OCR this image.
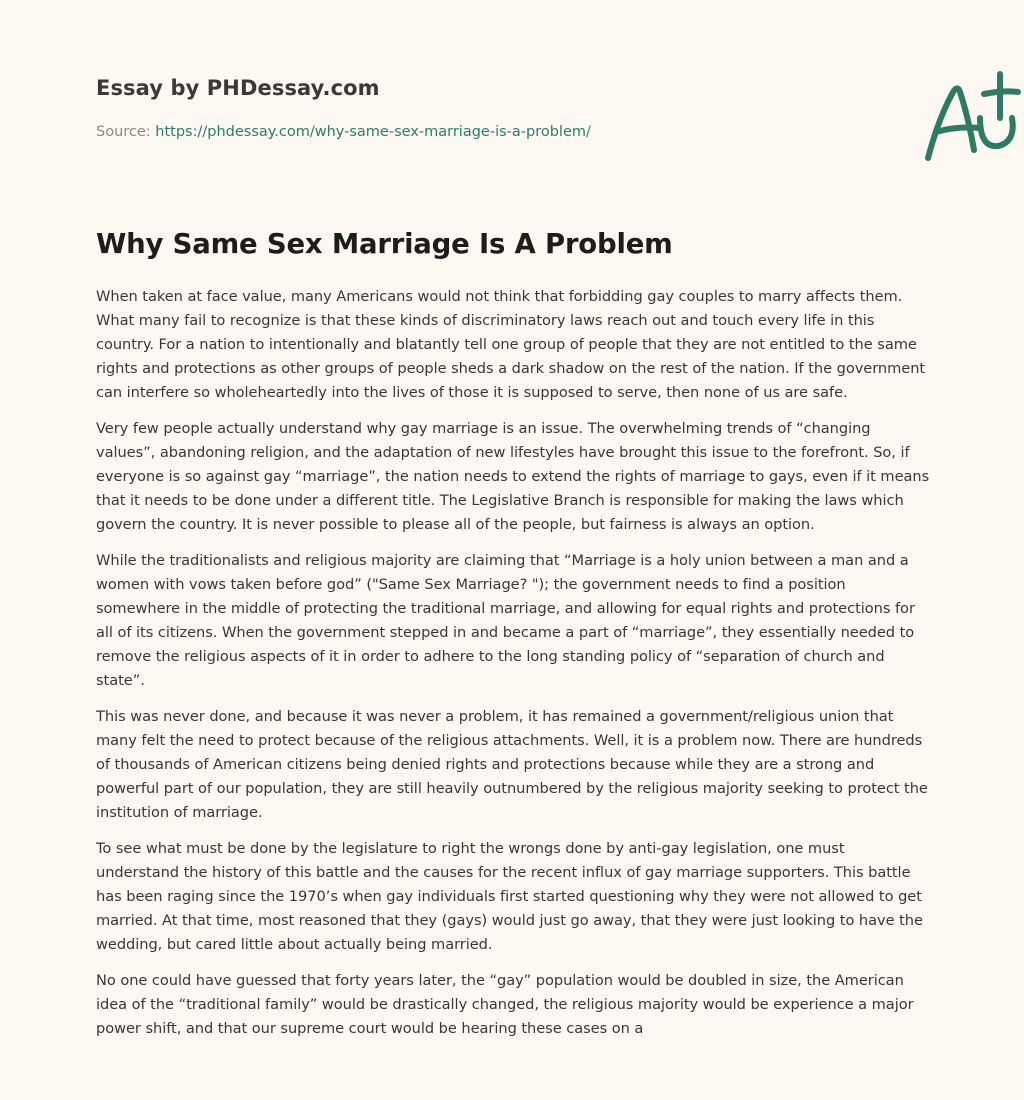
Essay by PHDessay.com

Source: https://phdessay.com/why-same-sex-marriage-is-a-problem/

Why Same Sex Marriage Is A Problem

When taken at face value, many Americans would not think that forbidding gay couples to marry affects them. What many fail to recognize is that these kinds of discriminatory laws reach out and touch every life in this country. For a nation to intentionally and blatantly tell one group of people that they are not entitled to the same rights and protections as other groups of people sheds a dark shadow on the rest of the nation. If the government can interfere so wholeheartedly into the lives of those it is supposed to serve, then none of us are safe.

Very few people actually understand why gay marriage is an issue. The overwhelming trends of “changing values”, abandoning religion, and the adaptation of new lifestyles have brought this issue to the forefront. So, if everyone is so against gay “marriage”, the nation needs to extend the rights of marriage to gays, even if it means that it needs to be done under a different title. The Legislative Branch is responsible for making the laws which govern the country. It is never possible to please all of the people, but fairness is always an option.

While the traditionalists and religious majority are claiming that “Marriage is a holy union between a man and a women with vows taken before god” ("Same Sex Marriage? "); the government needs to find a position somewhere in the middle of protecting the traditional marriage, and allowing for equal rights and protections for all of its citizens. When the government stepped in and became a part of “marriage”, they essentially needed to remove the religious aspects of it in order to adhere to the long standing policy of “separation of church and state”.

This was never done, and because it was never a problem, it has remained a government/religious union that many felt the need to protect because of the religious attachments. Well, it is a problem now. There are hundreds of thousands of American citizens being denied rights and protections because while they are a strong and powerful part of our population, they are still heavily outnumbered by the religious majority seeking to protect the institution of marriage.

To see what must be done by the legislature to right the wrongs done by anti-gay legislation, one must understand the history of this battle and the causes for the recent influx of gay marriage supporters. This battle has been raging since the 1970’s when gay individuals first started questioning why they were not allowed to get married. At that time, most reasoned that they (gays) would just go away, that they were just looking to have the wedding, but cared little about actually being married.

No one could have guessed that forty years later, the “gay” population would be doubled in size, the American idea of the “traditional family” would be drastically changed, the religious majority would be experience a major power shift, and that our supreme court would be hearing these cases on a
